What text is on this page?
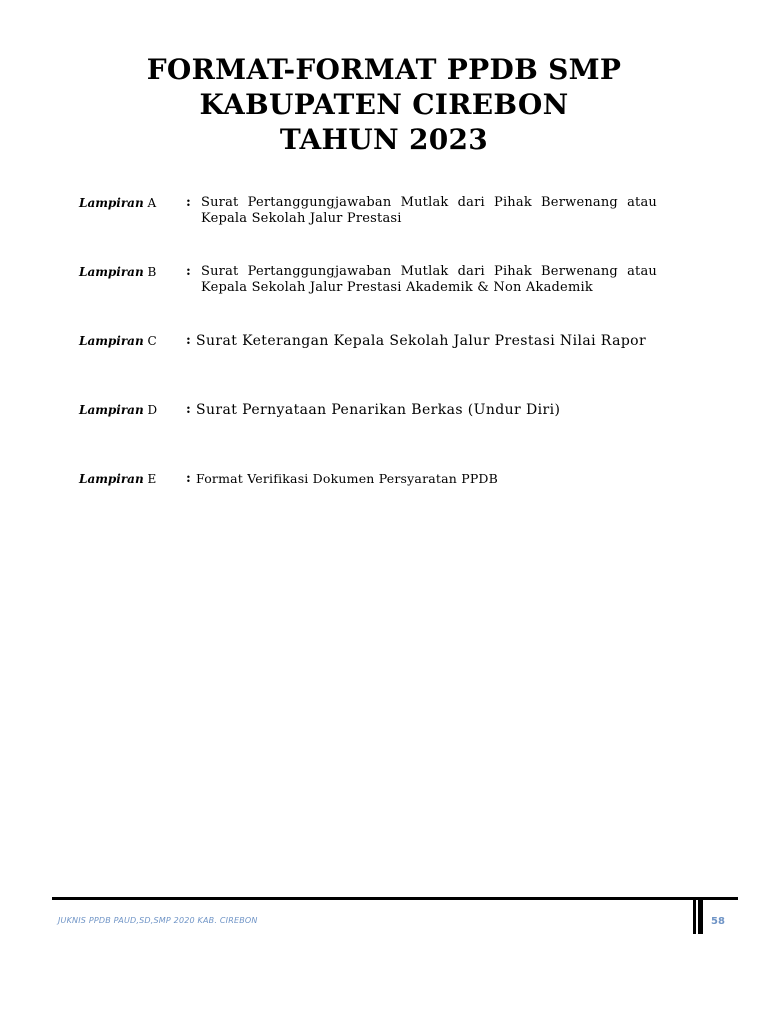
FORMAT-FORMAT PPDB SMP
KABUPATEN CIREBON
TAHUN 2023
Lampiran A	: Surat Pertanggungjawaban Mutlak dari Pihak Berwenang atau Kepala Sekolah Jalur Prestasi
Lampiran B	: Surat Pertanggungjawaban Mutlak dari Pihak Berwenang atau Kepala Sekolah Jalur Prestasi Akademik & Non Akademik
Lampiran C	: Surat Keterangan Kepala Sekolah Jalur Prestasi Nilai Rapor
Lampiran D	: Surat Pernyataan Penarikan Berkas (Undur Diri)
Lampiran E	: Format Verifikasi Dokumen Persyaratan PPDB
JUKNIS PPDB PAUD,SD,SMP 2020 KAB. CIREBON	58
